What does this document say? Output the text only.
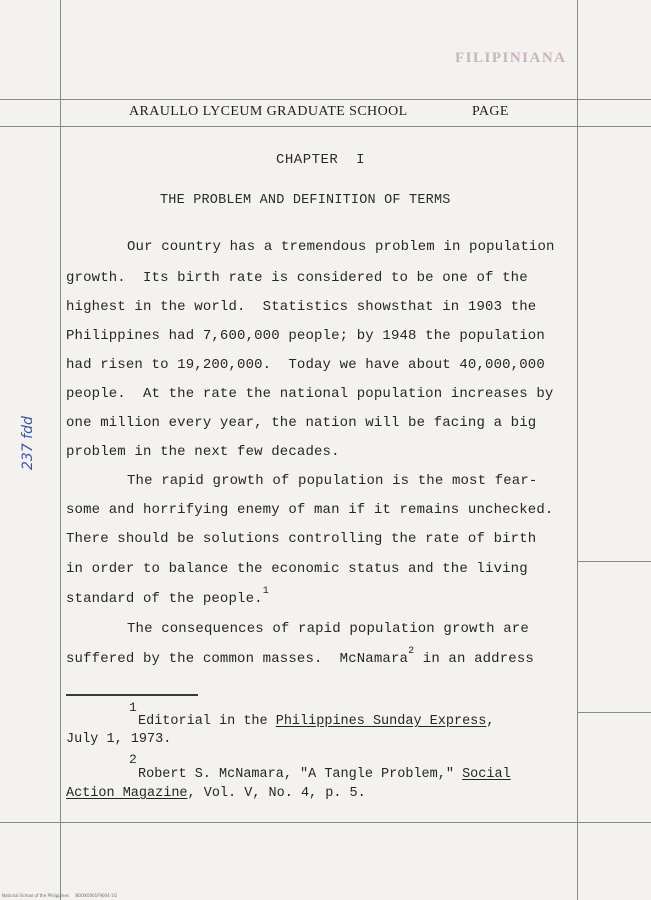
FILIPINIANA
ARAULLO LYCEUM GRADUATE SCHOOL	PAGE
CHAPTER  I
THE PROBLEM AND DEFINITION OF TERMS
237 fdd
Our country has a tremendous problem in population
growth.  Its birth rate is considered to be one of the
highest in the world.  Statistics showsthat in 1903 the
Philippines had 7,600,000 people; by 1948 the population
had risen to 19,200,000.  Today we have about 40,000,000
people.  At the rate the national population increases by
one million every year, the nation will be facing a big
problem in the next few decades.
The rapid growth of population is the most fear-
some and horrifying enemy of man if it remains unchecked.
There should be solutions controlling the rate of birth
in order to balance the economic status and the living
standard of the people.$^1$
The consequences of rapid population growth are
suffered by the common masses.  McNamara$^2$ in an address
1
Editorial in the Philippines Sunday Express,
July 1, 1973.
2
Robert S. McNamara, "A Tangle Problem," Social
Action Magazine, Vol. V, No. 4, p. 5.
National School of the Philippines     BOOK0001F9004-1l1
